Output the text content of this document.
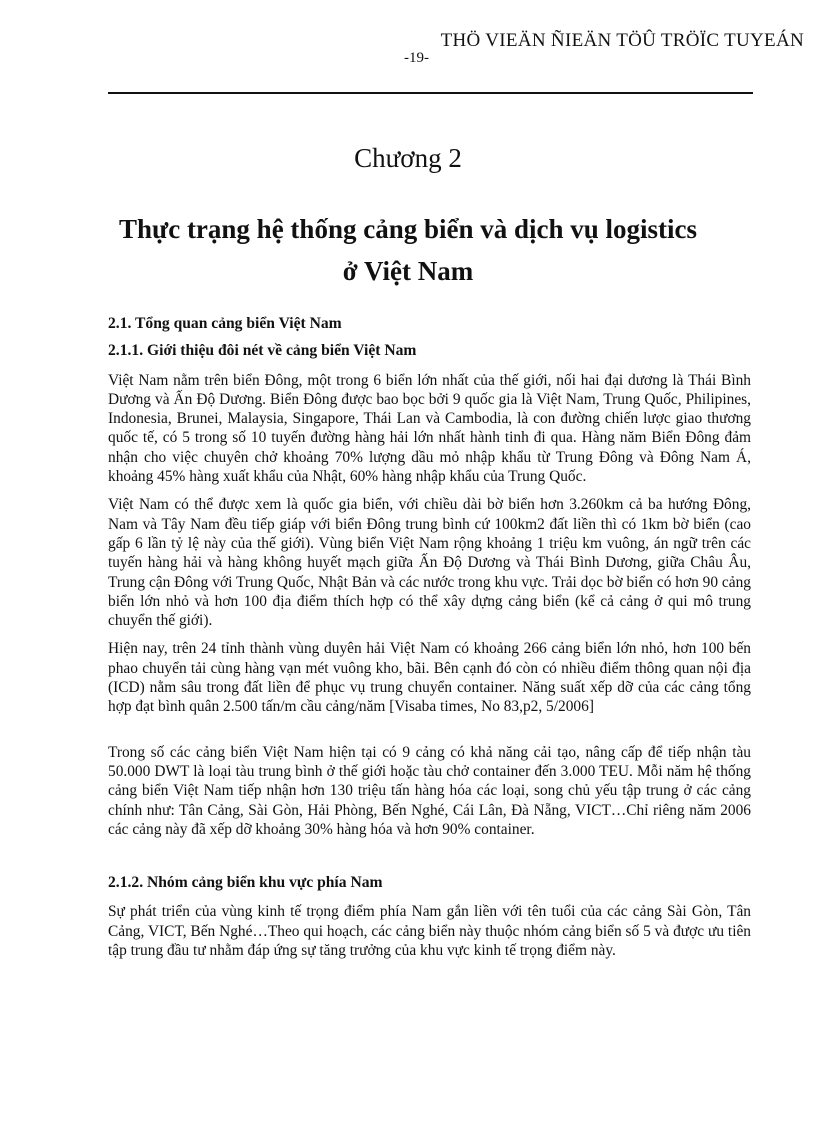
THÖ VIEÄN ÑIEÄN TÖÛ TRÖÏC TUYEÁN
-19-
Chương 2
Thực trạng hệ thống cảng biển và dịch vụ logistics
ở Việt Nam
2.1. Tổng quan cảng biển Việt Nam
2.1.1. Giới thiệu đôi nét về cảng biển Việt Nam

Việt Nam nằm trên biển Đông, một trong 6 biển lớn nhất của thế giới, nối hai đại dương là Thái Bình Dương và Ấn Độ Dương. Biển Đông được bao bọc bởi 9 quốc gia là Việt Nam, Trung Quốc, Philipines, Indonesia, Brunei, Malaysia, Singapore, Thái Lan và Cambodia, là con đường chiến lược giao thương quốc tế, có 5 trong số 10 tuyến đường hàng hải lớn nhất hành tinh đi qua. Hàng năm Biển Đông đảm nhận cho việc chuyên chở khoảng 70% lượng dầu mỏ nhập khẩu từ Trung Đông và Đông Nam Á, khoảng 45% hàng xuất khẩu của Nhật, 60% hàng nhập khẩu của Trung Quốc.

Việt Nam có thể được xem là quốc gia biển, với chiều dài bờ biển hơn 3.260km cả ba hướng Đông, Nam và Tây Nam đều tiếp giáp với biển Đông trung bình cứ 100km2 đất liền thì có 1km bờ biển (cao gấp 6 lần tỷ lệ này của thế giới). Vùng biển Việt Nam rộng khoảng 1 triệu km vuông, án ngữ trên các tuyến hàng hải và hàng không huyết mạch giữa Ấn Độ Dương và Thái Bình Dương, giữa Châu Âu, Trung cận Đông với Trung Quốc, Nhật Bản và các nước trong khu vực. Trải dọc bờ biển có hơn 90 cảng biển lớn nhỏ và hơn 100 địa điểm thích hợp có thể xây dựng cảng biển (kể cả cảng ở qui mô trung chuyển thế giới).

Hiện nay, trên 24 tỉnh thành vùng duyên hải Việt Nam có khoảng 266 cảng biển lớn nhỏ, hơn 100 bến phao chuyển tải cùng hàng vạn mét vuông kho, bãi. Bên cạnh đó còn có nhiều điểm thông quan nội địa (ICD) nằm sâu trong đất liền để phục vụ trung chuyển container. Năng suất xếp dỡ của các cảng tổng hợp đạt bình quân 2.500 tấn/m cầu cảng/năm [Visaba times, No 83,p2, 5/2006]

Trong số các cảng biển Việt Nam hiện tại có 9 cảng có khả năng cải tạo, nâng cấp để tiếp nhận tàu 50.000 DWT là loại tàu trung bình ở thế giới hoặc tàu chở container đến 3.000 TEU. Mỗi năm hệ thống cảng biển Việt Nam tiếp nhận hơn 130 triệu tấn hàng hóa các loại, song chủ yếu tập trung ở các cảng chính như: Tân Cảng, Sài Gòn, Hải Phòng, Bến Nghé, Cái Lân, Đà Nẵng, VICT…Chỉ riêng năm 2006 các cảng này đã xếp dỡ khoảng 30% hàng hóa và hơn 90% container.

2.1.2. Nhóm cảng biển khu vực phía Nam

Sự phát triển của vùng kinh tế trọng điểm phía Nam gắn liền với tên tuổi của các cảng Sài Gòn, Tân Cảng, VICT, Bến Nghé…Theo qui hoạch, các cảng biển này thuộc nhóm cảng biển số 5 và được ưu tiên tập trung đầu tư nhằm đáp ứng sự tăng trưởng của khu vực kinh tế trọng điểm này.
